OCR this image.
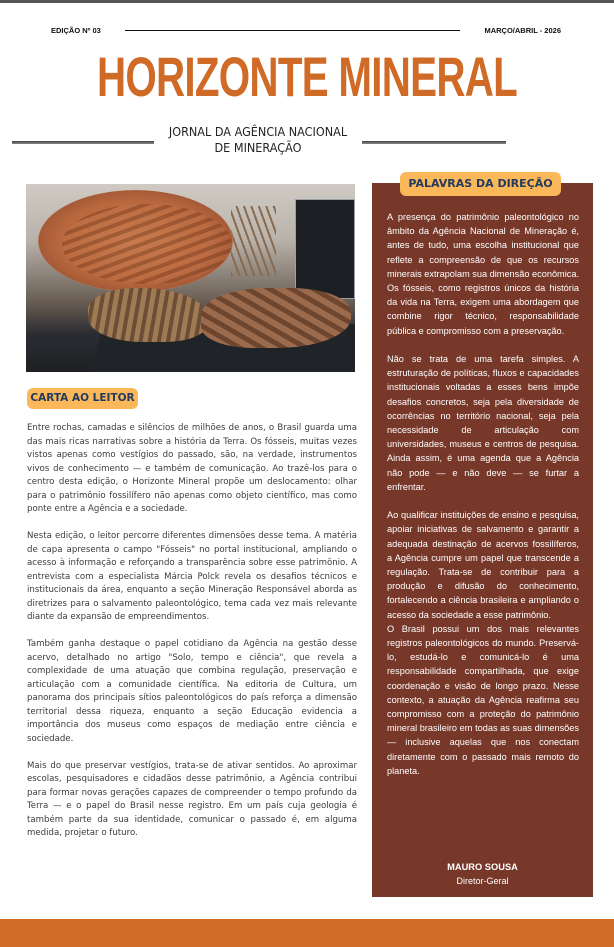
EDIÇÃO Nº 03	MARÇO/ABRIL - 2026
HORIZONTE MINERAL
JORNAL DA AGÊNCIA NACIONAL
DE MINERAÇÃO
CARTA AO LEITOR

Entre rochas, camadas e silêncios de milhões de anos, o Brasil guarda uma das mais ricas narrativas sobre a história da Terra. Os fósseis, muitas vezes vistos apenas como vestígios do passado, são, na verdade, instrumentos vivos de conhecimento — e também de comunicação. Ao trazê-los para o centro desta edição, o Horizonte Mineral propõe um deslocamento: olhar para o patrimônio fossilífero não apenas como objeto científico, mas como ponte entre a Agência e a sociedade.

Nesta edição, o leitor percorre diferentes dimensões desse tema. A matéria de capa apresenta o campo "Fósseis" no portal institucional, ampliando o acesso à informação e reforçando a transparência sobre esse patrimônio. A entrevista com a especialista Márcia Polck revela os desafios técnicos e institucionais da área, enquanto a seção Mineração Responsável aborda as diretrizes para o salvamento paleontológico, tema cada vez mais relevante diante da expansão de empreendimentos.

Também ganha destaque o papel cotidiano da Agência na gestão desse acervo, detalhado no artigo "Solo, tempo e ciência", que revela a complexidade de uma atuação que combina regulação, preservação e articulação com a comunidade científica. Na editoria de Cultura, um panorama dos principais sítios paleontológicos do país reforça a dimensão territorial dessa riqueza, enquanto a seção Educação evidencia a importância dos museus como espaços de mediação entre ciência e sociedade.

Mais do que preservar vestígios, trata-se de ativar sentidos. Ao aproximar escolas, pesquisadores e cidadãos desse patrimônio, a Agência contribui para formar novas gerações capazes de compreender o tempo profundo da Terra — e o papel do Brasil nesse registro. Em um país cuja geologia é também parte da sua identidade, comunicar o passado é, em alguma medida, projetar o futuro.

PALAVRAS DA DIREÇÃO

A presença do patrimônio paleontológico no âmbito da Agência Nacional de Mineração é, antes de tudo, uma escolha institucional que reflete a compreensão de que os recursos minerais extrapolam sua dimensão econômica. Os fósseis, como registros únicos da história da vida na Terra, exigem uma abordagem que combine rigor técnico, responsabilidade pública e compromisso com a preservação.

Não se trata de uma tarefa simples. A estruturação de políticas, fluxos e capacidades institucionais voltadas a esses bens impõe desafios concretos, seja pela diversidade de ocorrências no território nacional, seja pela necessidade de articulação com universidades, museus e centros de pesquisa. Ainda assim, é uma agenda que a Agência não pode — e não deve — se furtar a enfrentar.

Ao qualificar instituições de ensino e pesquisa, apoiar iniciativas de salvamento e garantir a adequada destinação de acervos fossilíferos, a Agência cumpre um papel que transcende a regulação. Trata-se de contribuir para a produção e difusão do conhecimento, fortalecendo a ciência brasileira e ampliando o acesso da sociedade a esse patrimônio.

O Brasil possui um dos mais relevantes registros paleontológicos do mundo. Preservá-lo, estudá-lo e comunicá-lo é uma responsabilidade compartilhada, que exige coordenação e visão de longo prazo. Nesse contexto, a atuação da Agência reafirma seu compromisso com a proteção do patrimônio mineral brasileiro em todas as suas dimensões — inclusive aquelas que nos conectam diretamente com o passado mais remoto do planeta.

MAURO SOUSA
Diretor-Geral
